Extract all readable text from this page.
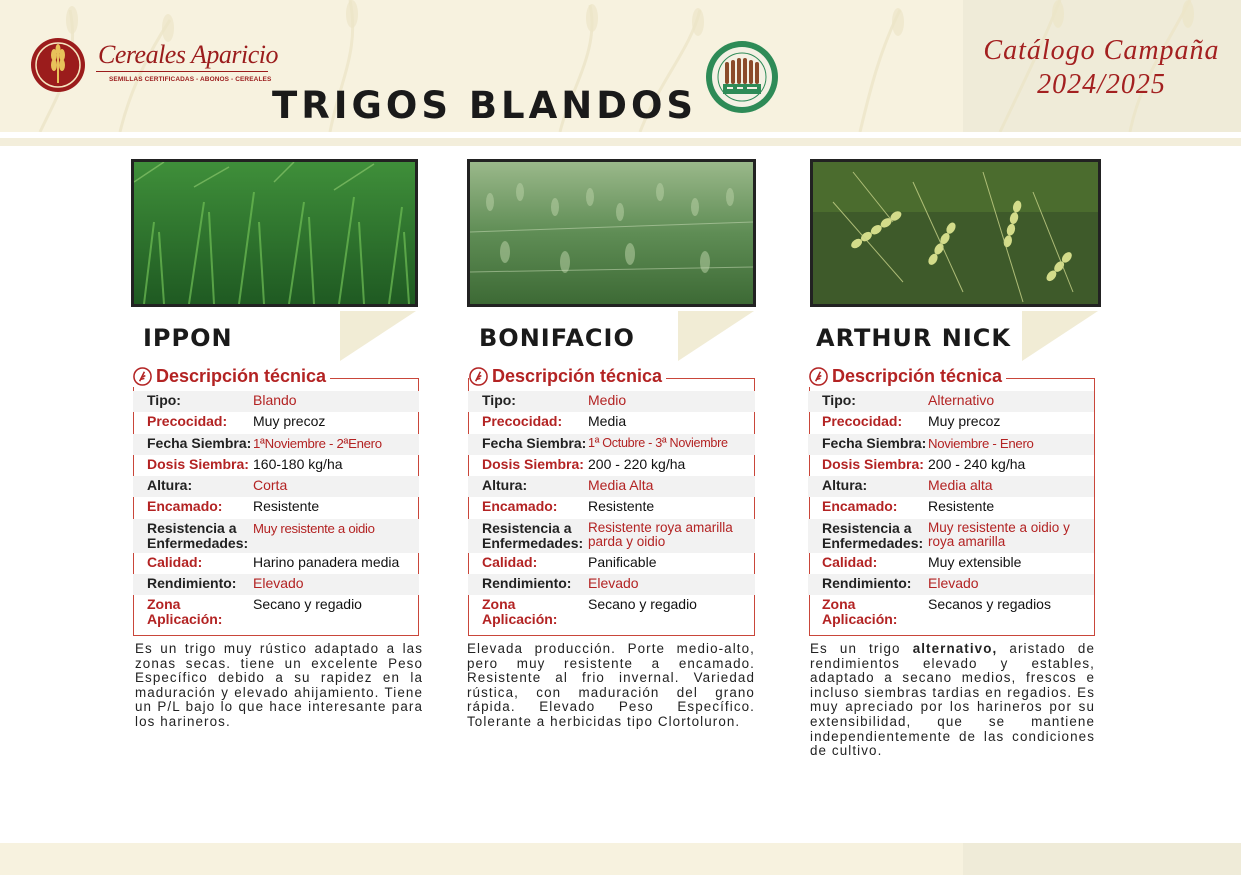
Cereales Aparicio
SEMILLAS CERTIFICADAS - ABONOS - CEREALES
TRIGOS BLANDOS
Catálogo Campaña
2024/2025
IPPON
Descripción técnica
Tipo:	Blando
Precocidad:	Muy precoz
Fecha Siembra: 1ªNoviembre - 2ªEnero
Dosis Siembra: 160-180 kg/ha
Altura:	Corta
Encamado:	Resistente
Resistencia a
Enfermedades:
Muy resistente a oidio
Calidad:	Harino panadera media
Rendimiento:	Elevado
Zona Aplicación:
Secano y regadio
Es un trigo muy rústico adaptado a las zonas secas. tiene un excelente Peso Específico debido a su rapidez en la maduración y elevado ahijamiento. Tiene un P/L bajo lo que hace interesante para los harineros.
BONIFACIO
Descripción técnica
Tipo:	Medio
Precocidad:	Media
Fecha Siembra: 1ª Octubre - 3ª Noviembre
Dosis Siembra: 200 - 220 kg/ha
Altura:	Media Alta
Encamado:	Resistente
Resistencia a
Enfermedades:
Resistente roya amarilla parda y oidio
Calidad:	Panificable
Rendimiento:	Elevado
Zona Aplicación:
Secano y regadio
Elevada producción. Porte medio-alto, pero muy resistente a encamado. Resistente al frio invernal. Variedad rústica, con maduración del grano rápida. Elevado Peso Específico. Tolerante a herbicidas tipo Clortoluron.
ARTHUR NICK
Descripción técnica
Tipo:	Alternativo
Precocidad:	Muy precoz
Fecha Siembra: Noviembre - Enero
Dosis Siembra: 200 - 240 kg/ha
Altura:	Media alta
Encamado:	Resistente
Resistencia a
Enfermedades:
Muy resistente a oidio y roya amarilla
Calidad:	Muy extensible
Rendimiento:	Elevado
Zona Aplicación:
Secanos y regadios
Es un trigo alternativo, aristado de rendimientos elevado y estables, adaptado a secano medios, frescos e incluso siembras tardias en regadios. Es muy apreciado por los harineros por su extensibilidad, que se mantiene independientemente de las condiciones de cultivo.
